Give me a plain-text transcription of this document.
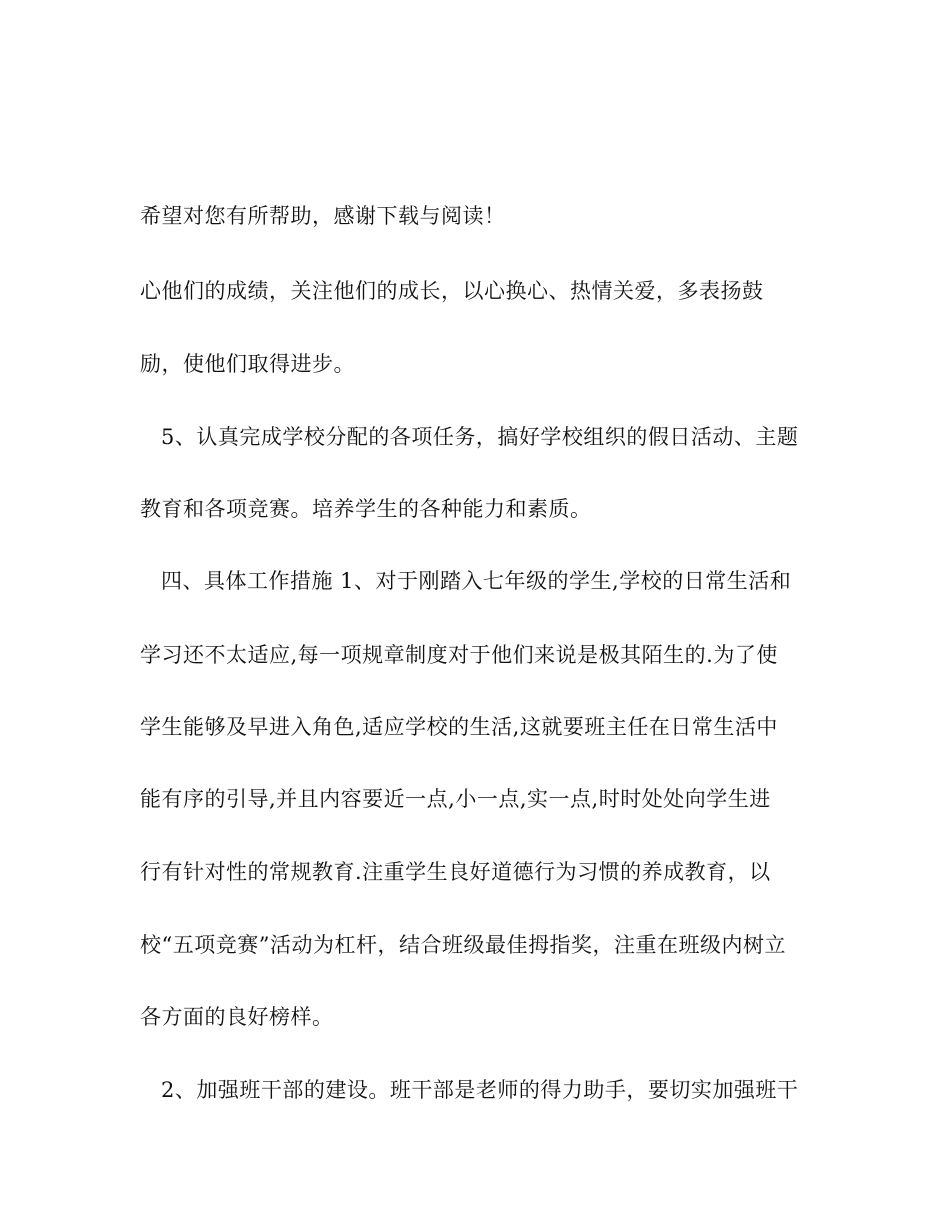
希望对您有所帮助，感谢下载与阅读！
心他们的成绩，关注他们的成长，以心换心、热情关爱，多表扬鼓
励，使他们取得进步。
5、认真完成学校分配的各项任务，搞好学校组织的假日活动、主题
教育和各项竞赛。培养学生的各种能力和素质。
四、具体工作措施 1、对于刚踏入七年级的学生,学校的日常生活和
学习还不太适应,每一项规章制度对于他们来说是极其陌生的.为了使
学生能够及早进入角色,适应学校的生活,这就要班主任在日常生活中
能有序的引导,并且内容要近一点,小一点,实一点,时时处处向学生进
行有针对性的常规教育.注重学生良好道德行为习惯的养成教育，以
校“五项竞赛”活动为杠杆，结合班级最佳拇指奖，注重在班级内树立
各方面的良好榜样。
2、加强班干部的建设。班干部是老师的得力助手，要切实加强班干
